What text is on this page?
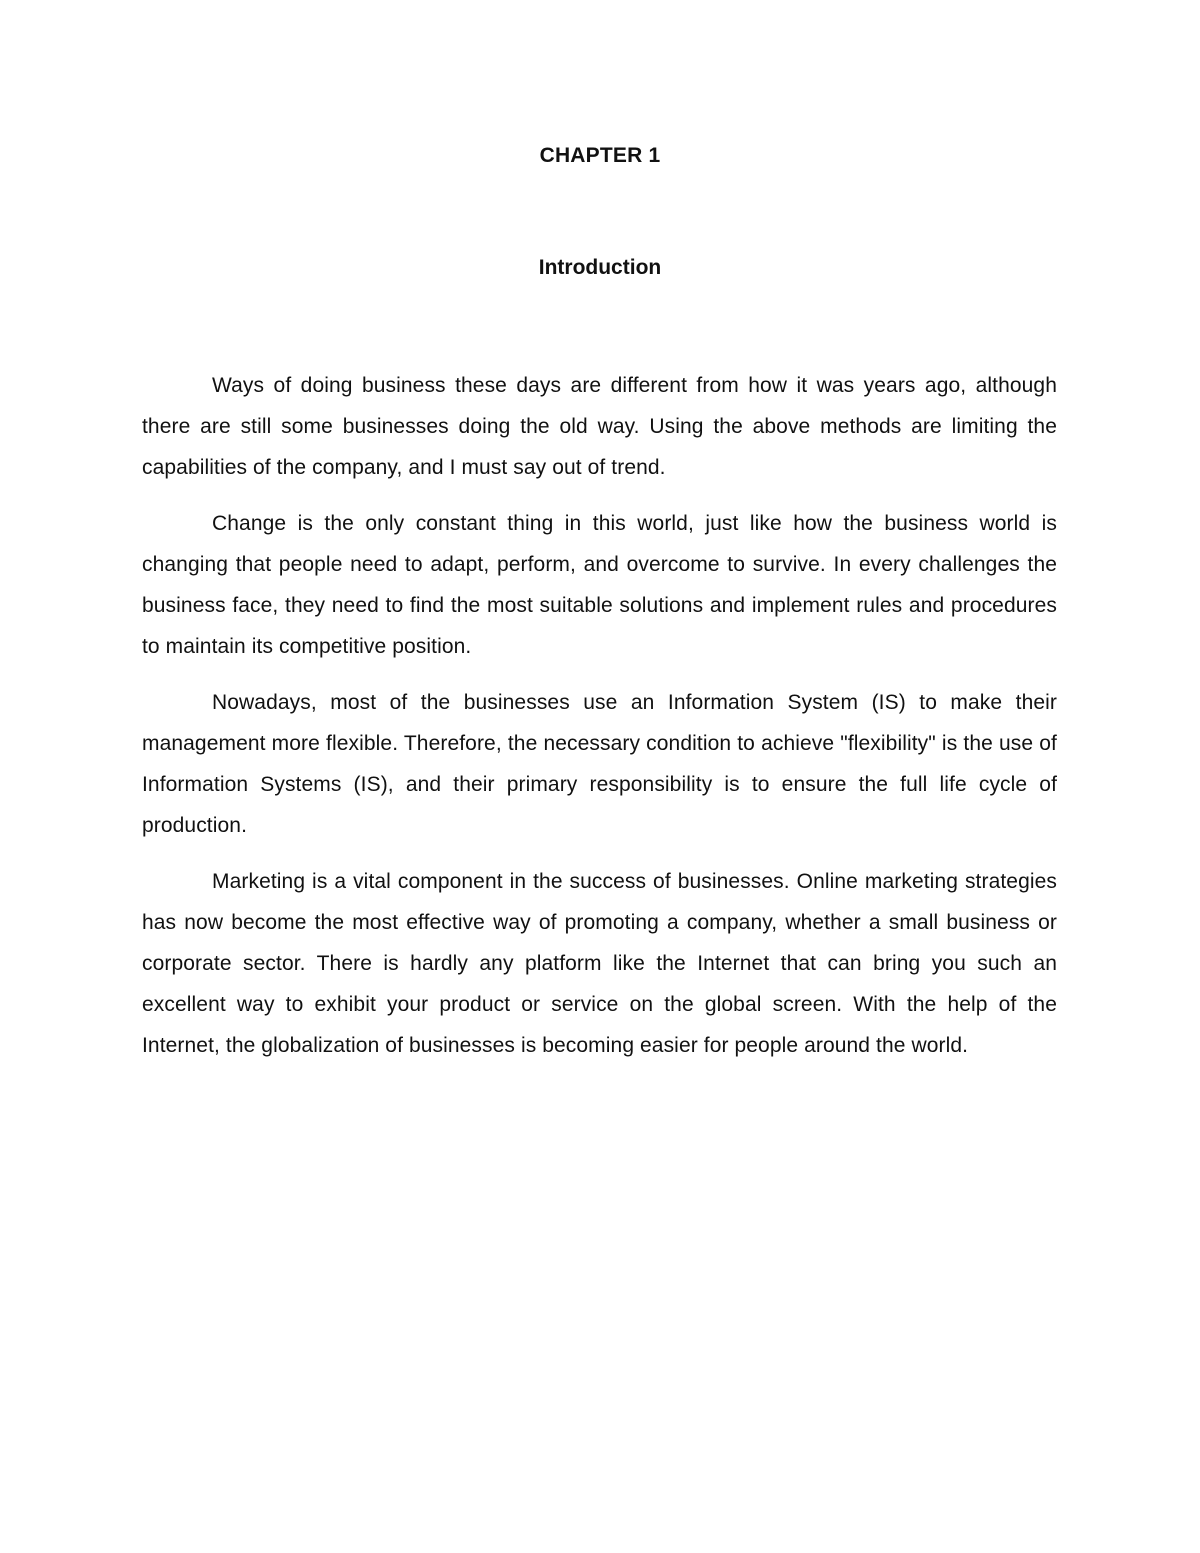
CHAPTER 1
Introduction

Ways of doing business these days are different from how it was years ago, although there are still some businesses doing the old way. Using the above methods are limiting the capabilities of the company, and I must say out of trend.

Change is the only constant thing in this world, just like how the business world is changing that people need to adapt, perform, and overcome to survive. In every challenges the business face, they need to find the most suitable solutions and implement rules and procedures to maintain its competitive position.

Nowadays, most of the businesses use an Information System (IS) to make their management more flexible. Therefore, the necessary condition to achieve "flexibility" is the use of Information Systems (IS), and their primary responsibility is to ensure the full life cycle of production.

Marketing is a vital component in the success of businesses. Online marketing strategies has now become the most effective way of promoting a company, whether a small business or corporate sector. There is hardly any platform like the Internet that can bring you such an excellent way to exhibit your product or service on the global screen. With the help of the Internet, the globalization of businesses is becoming easier for people around the world.
